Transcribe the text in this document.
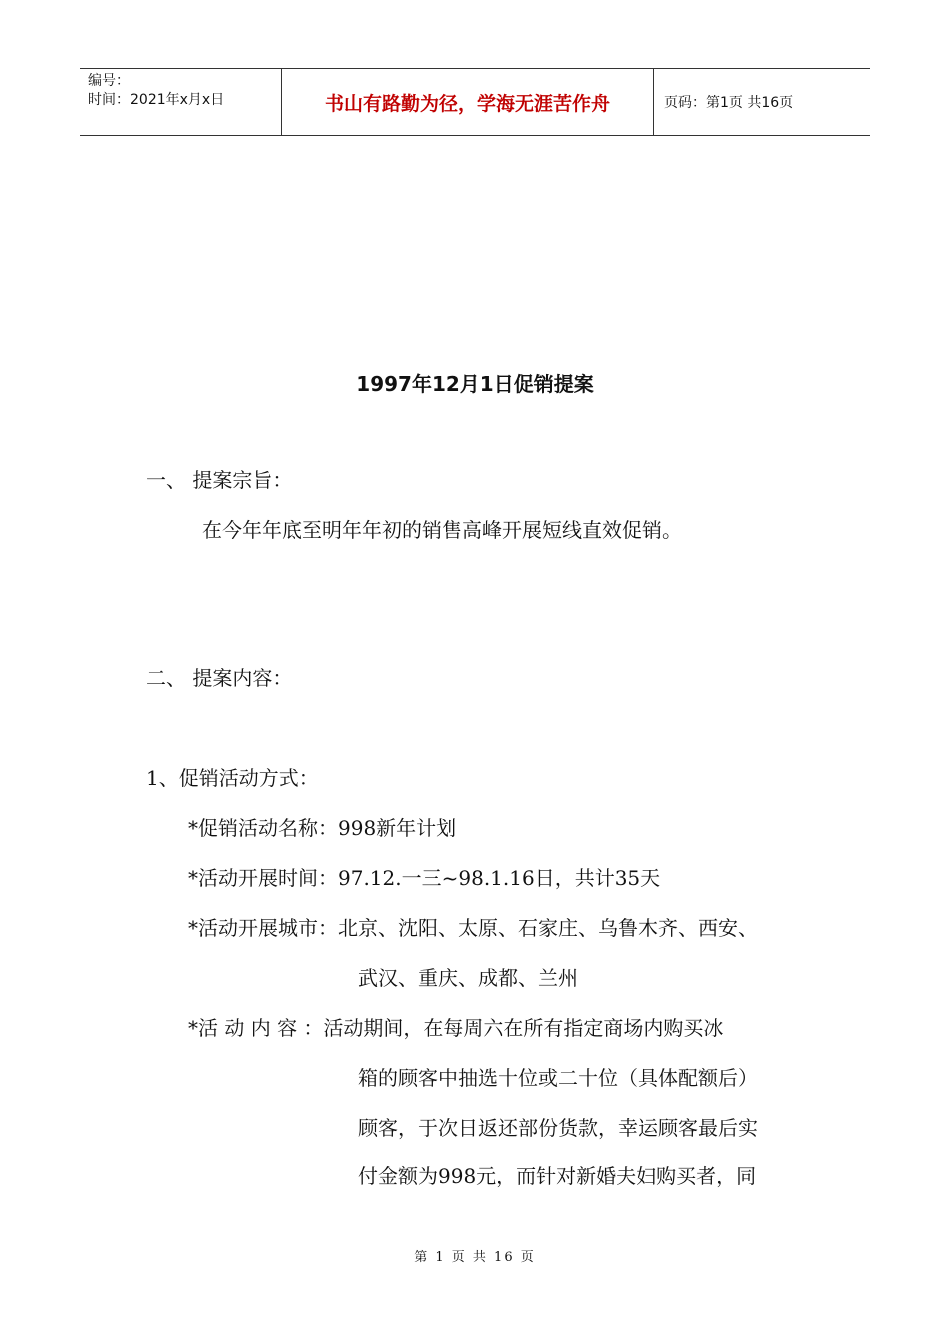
编号：
时间：2021年x月x日	书山有路勤为径，学海无涯苦作舟	页码：第1页 共16页
1997年12月1日促销提案
一、 提案宗旨：
在今年年底至明年年初的销售高峰开展短线直效促销。
二、 提案内容：
1、促销活动方式：
*促销活动名称：998新年计划
*活动开展时间：97.12.一三~98.1.16日，共计35天
*活动开展城市：北京、沈阳、太原、石家庄、乌鲁木齐、西安、
武汉、重庆、成都、兰州
*活 动 内 容 ：活动期间，在每周六在所有指定商场内购买冰
箱的顾客中抽选十位或二十位（具体配额后）
顾客，于次日返还部份货款，幸运顾客最后实
付金额为998元，而针对新婚夫妇购买者，同
第 1 页 共 16 页
